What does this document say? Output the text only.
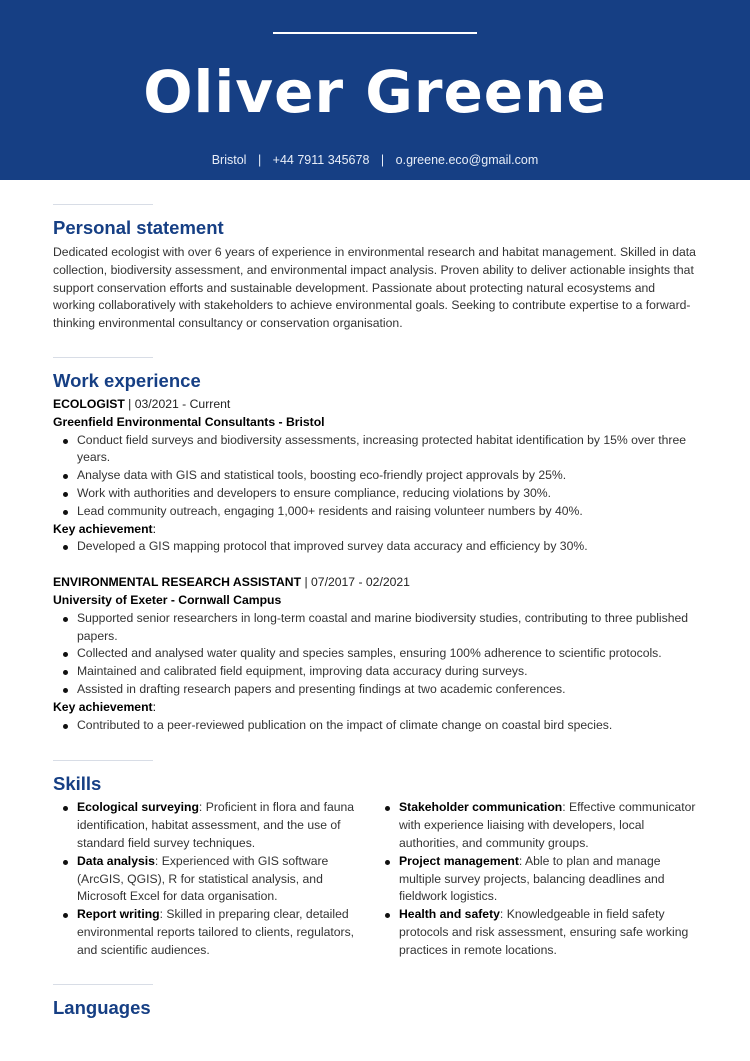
Oliver Greene
Bristol | +44 7911 345678 | o.greene.eco@gmail.com
Personal statement

Dedicated ecologist with over 6 years of experience in environmental research and habitat management. Skilled in data collection, biodiversity assessment, and environmental impact analysis. Proven ability to deliver actionable insights that support conservation efforts and sustainable development. Passionate about protecting natural ecosystems and working collaboratively with stakeholders to achieve environmental goals. Seeking to contribute expertise to a forward-thinking environmental consultancy or conservation organisation.

Work experience
ECOLOGIST | 03/2021 - Current
Greenfield Environmental Consultants - Bristol
Conduct field surveys and biodiversity assessments, increasing protected habitat identification by 15% over three years.
Analyse data with GIS and statistical tools, boosting eco-friendly project approvals by 25%.
Work with authorities and developers to ensure compliance, reducing violations by 30%.
Lead community outreach, engaging 1,000+ residents and raising volunteer numbers by 40%.
Key achievement:
Developed a GIS mapping protocol that improved survey data accuracy and efficiency by 30%.
ENVIRONMENTAL RESEARCH ASSISTANT | 07/2017 - 02/2021
University of Exeter - Cornwall Campus
Supported senior researchers in long-term coastal and marine biodiversity studies, contributing to three published papers.
Collected and analysed water quality and species samples, ensuring 100% adherence to scientific protocols.
Maintained and calibrated field equipment, improving data accuracy during surveys.
Assisted in drafting research papers and presenting findings at two academic conferences.
Key achievement:
Contributed to a peer-reviewed publication on the impact of climate change on coastal bird species.
Skills
Ecological surveying: Proficient in flora and fauna identification, habitat assessment, and the use of standard field survey techniques.
Data analysis: Experienced with GIS software (ArcGIS, QGIS), R for statistical analysis, and Microsoft Excel for data organisation.
Report writing: Skilled in preparing clear, detailed environmental reports tailored to clients, regulators, and scientific audiences.
Stakeholder communication: Effective communicator with experience liaising with developers, local authorities, and community groups.
Project management: Able to plan and manage multiple survey projects, balancing deadlines and fieldwork logistics.
Health and safety: Knowledgeable in field safety protocols and risk assessment, ensuring safe working practices in remote locations.
Languages
